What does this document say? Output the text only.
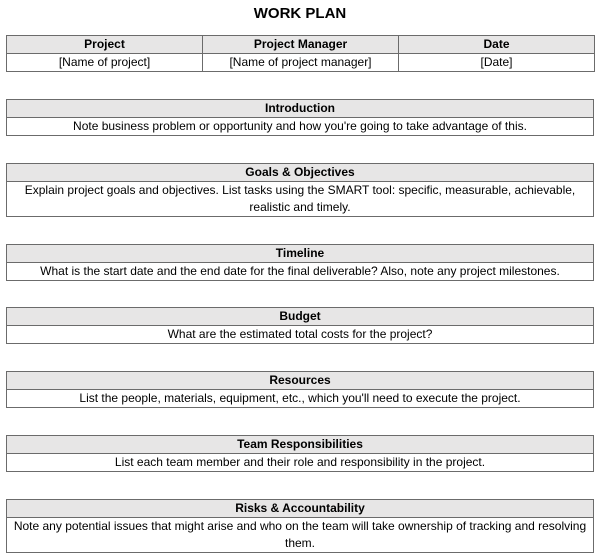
WORK PLAN
Project	Project Manager	Date
[Name of project]	[Name of project manager]	[Date]
Introduction
Note business problem or opportunity and how you're going to take advantage of this.
Goals & Objectives
Explain project goals and objectives. List tasks using the SMART tool: specific, measurable, achievable, realistic and timely.
Timeline
What is the start date and the end date for the final deliverable? Also, note any project milestones.
Budget
What are the estimated total costs for the project?
Resources
List the people, materials, equipment, etc., which you'll need to execute the project.
Team Responsibilities
List each team member and their role and responsibility in the project.
Risks & Accountability
Note any potential issues that might arise and who on the team will take ownership of tracking and resolving them.
